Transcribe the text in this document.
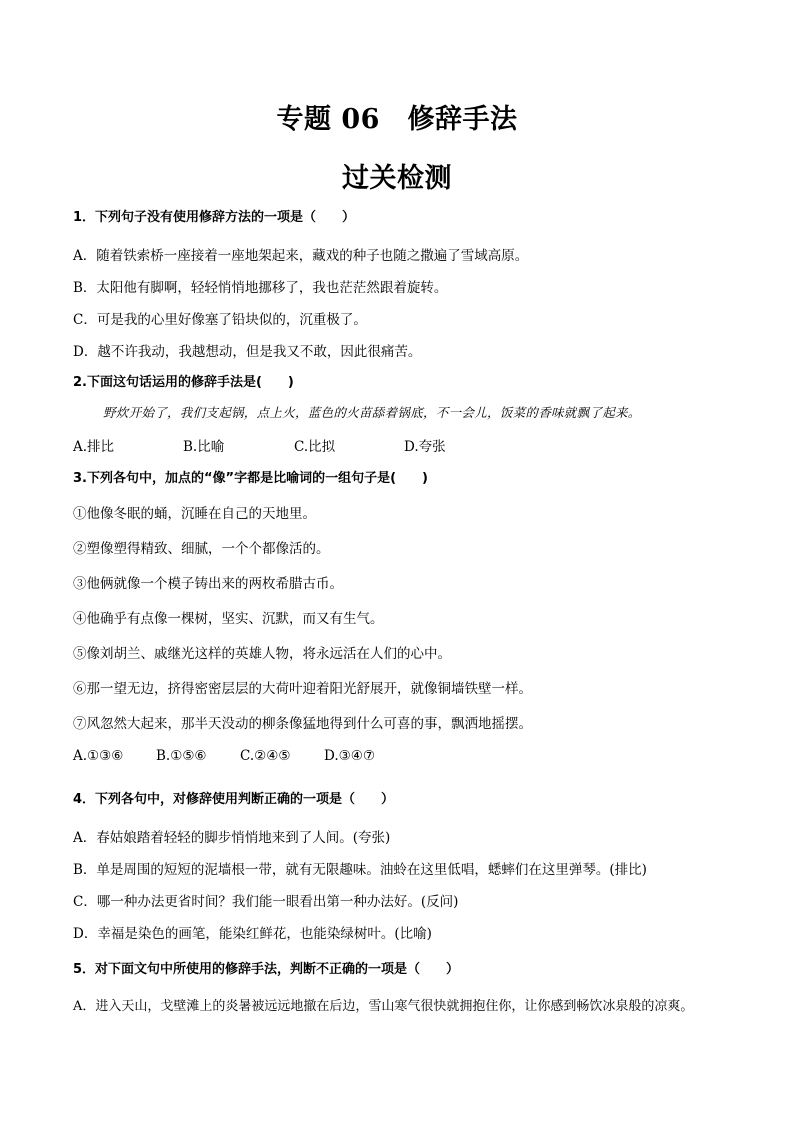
专题 06　修辞手法
过关检测
1．下列句子没有使用修辞方法的一项是（　　）
A．随着铁索桥一座接着一座地架起来，藏戏的种子也随之撒遍了雪域高原。
B．太阳他有脚啊，轻轻悄悄地挪移了，我也茫茫然跟着旋转。
C．可是我的心里好像塞了铅块似的，沉重极了。
D．越不许我动，我越想动，但是我又不敢，因此很痛苦。
2.下面这句话运用的修辞手法是(　　)
野炊开始了，我们支起锅，点上火，蓝色的火苗舔着锅底，不一会儿，饭菜的香味就飘了起来。
A.排比	B.比喻	C.比拟	D.夸张
3.下列各句中，加点的“像”字都是比喻词的一组句子是(　　)
①他像冬眠的蛹，沉睡在自己的天地里。
②塑像塑得精致、细腻，一个个都像活的。
③他俩就像一个模子铸出来的两枚希腊古币。
④他确乎有点像一棵树，坚实、沉默，而又有生气。
⑤像刘胡兰、戚继光这样的英雄人物，将永远活在人们的心中。
⑥那一望无边，挤得密密层层的大荷叶迎着阳光舒展开，就像铜墙铁壁一样。
⑦风忽然大起来，那半天没动的柳条像猛地得到什么可喜的事，飘洒地摇摆。
A.①③⑥ B.①⑤⑥ C.②④⑤ D.③④⑦
4．下列各句中，对修辞使用判断正确的一项是（　　）
A．春姑娘踏着轻轻的脚步悄悄地来到了人间。(夸张)
B．单是周围的短短的泥墙根一带，就有无限趣味。油蛉在这里低唱，蟋蟀们在这里弹琴。(排比)
C．哪一种办法更省时间？我们能一眼看出第一种办法好。(反问)
D．幸福是染色的画笔，能染红鲜花，也能染绿树叶。(比喻)
5．对下面文句中所使用的修辞手法，判断不正确的一项是（　　）
A．进入天山，戈壁滩上的炎暑被远远地撤在后边，雪山寒气很快就拥抱住你，让你感到畅饮冰泉般的凉爽。
